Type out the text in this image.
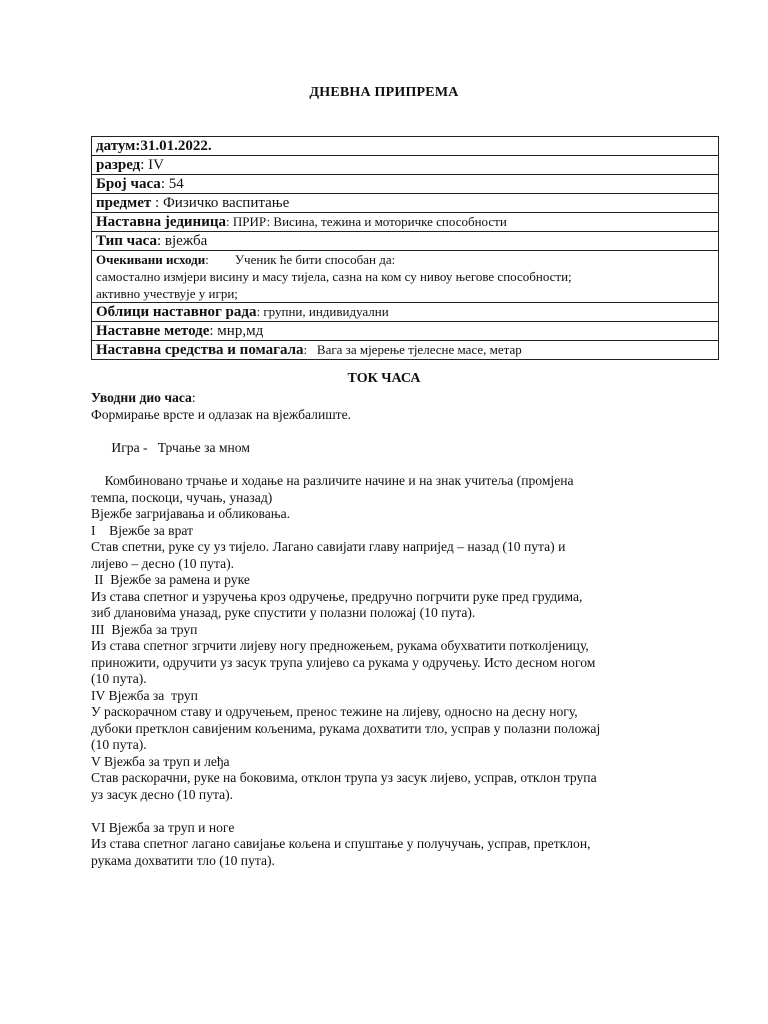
ДНЕВНА ПРИПРЕМА
датум:31.01.2022.
разред: IV
Број часа: 54
предмет : Физичко васпитање
Наставна јединица: ПРИР: Висина, тежина и моторичке способности
Тип часа: вјежба
Очекивани исходи:        Ученик ће бити способан да:
самостално измјери висину и масу тијела, сазна на ком су нивоу његове способности;
активно учествује у игри;
Облици наставног рада: групни, индивидуални
Наставне методе: мнр,мд
Наставна средства и помагала:   Вага за мјерење тјелесне масе, метар
ТОК ЧАСА
Уводни дио часа:
Формирање врсте и одлазак на вјежбалиште.
Игра -   Трчање за мном
Комбиновано трчање и ходање на различите начине и на знак учитеља (промјена
темпа, поскоци, чучањ, уназад)
Вјежбе загријавања и обликовања.
I    Вјежбе за врат
Став спетни, руке су уз тијело. Лагано савијати главу напријед – назад (10 пута) и
лијево – десно (10 пута).
II  Вјежбе за рамена и руке
Из става спетног и узручења кроз одручење, предручно погрчити руке пред грудима,
зиб дланови̇ма уназад, руке спустити у полазни положај (10 пута).
III  Вјежба за труп
Из става спетног згрчити лијеву ногу предножењем, рукама обухватити потколјеницу,
приножити, одручити уз засук трупа улијево са рукама у одручењу. Исто десном ногом
(10 пута).
IV Вјежба за  труп
У раскорачном ставу и одручењем, пренос тежине на лијеву, односно на десну ногу,
дубоки претклон савијеним кољенима, рукама дохватити тло, усправ у полазни положај
(10 пута).
V Вјежба за труп и леђа
Став раскорачни, руке на боковима, отклон трупа уз засук лијево, усправ, отклон трупа
уз засук десно (10 пута).
VI Вјежба за труп и ноге
Из става спетног лагано савијање кољена и спуштање у получучањ, усправ, претклон,
рукама дохватити тло (10 пута).
